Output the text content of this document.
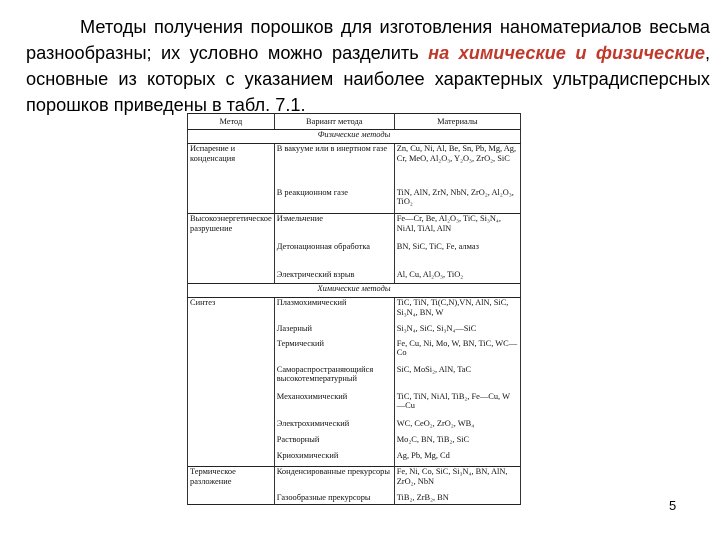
Методы получения порошков для изготовления наноматериалов весьма разнообразны; их условно можно разделить на химические и физические, основные из которых с указанием наиболее характерных ультрадисперсных порошков приведены в табл. 7.1.

Метод	Вариант метода	Материалы
Физические методы		
Испарение и конденсация	В вакууме или в инертном газе	Zn, Cu, Ni, Al, Be, Sn, Pb, Mg, Ag, Cr, MeO, Al₂O₃, Y₂O₃, ZrO₂, SiC
	В реакционном газе	TiN, AlN, ZrN, NbN, ZrO₂, Al₂O₃, TiO₂
Высокоэнергетическое разрушение	Измельчение	Fe—Cr, Be, Al₂O₃, TiC, Si₃N₄, NiAl, TiAl, AlN
	Детонационная обработка	BN, SiC, TiC, Fe, алмаз
	Электрический взрыв	Al, Cu, Al₂O₃, TiO₂
Химические методы		
Синтез	Плазмохимический	TiC, TiN, Ti(C,N),VN, AlN, SiC, Si₃N₄, BN, W
	Лазерный	Si₃N₄, SiC, Si₃N₄—SiC
	Термический	Fe, Cu, Ni, Mo, W, BN, TiC, WC—Co
	Самораспространяющийся высокотемпературный	SiC, MoSi₂, AlN, TaC
	Механохимический	TiC, TiN, NiAl, TiB₂, Fe—Cu, W—Cu
	Электрохимический	WC, CeO₂, ZrO₂, WB₄
	Растворный	Mo₂C, BN, TiB₂, SiC
	Криохимический	Ag, Pb, Mg, Cd
Термическое разложение	Конденсированные прекурсоры	Fe, Ni, Co, SiC, Si₃N₄, BN, AlN, ZrO₂, NbN
	Газообразные прекурсоры	TiB₂, ZrB₂, BN
5
